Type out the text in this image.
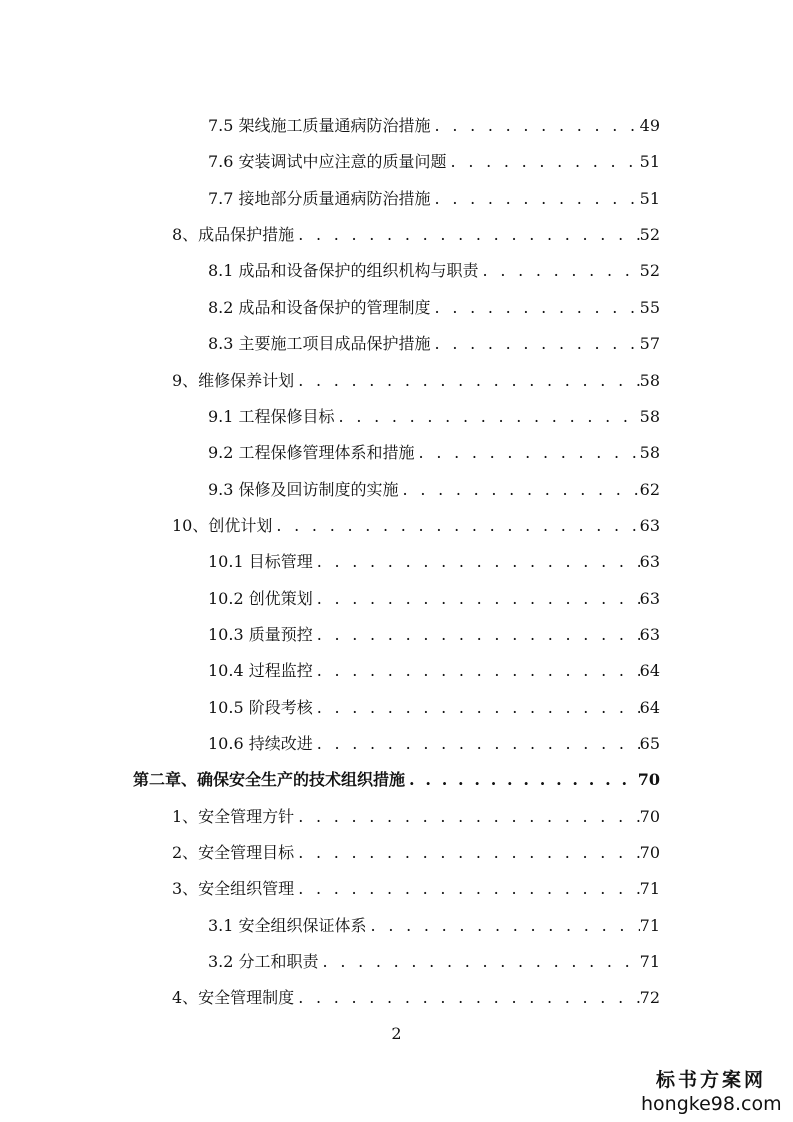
7.5 架线施工质量通病防治措施 . . .	49
7.6 安装调试中应注意的质量问题 . . .	51
7.7 接地部分质量通病防治措施 . . .	51
8、成品保护措施 . . .	52
8.1 成品和设备保护的组织机构与职责 . . .	52
8.2 成品和设备保护的管理制度 . . .	55
8.3 主要施工项目成品保护措施 . . .	57
9、维修保养计划 . . .	58
9.1 工程保修目标 . . .	58
9.2 工程保修管理体系和措施 . . .	58
9.3 保修及回访制度的实施 . . .	62
10、创优计划 . . .	63
10.1 目标管理 . . .	63
10.2 创优策划 . . .	63
10.3 质量预控 . . .	63
10.4 过程监控 . . .	64
10.5 阶段考核 . . .	64
10.6 持续改进 . . .	65
第二章、确保安全生产的技术组织措施 . . .	70
1、安全管理方针 . . .	70
2、安全管理目标 . . .	70
3、安全组织管理 . . .	71
3.1 安全组织保证体系 . . .	71
3.2 分工和职责 . . .	71
4、安全管理制度 . . .	72
2
标书方案网
hongke98.com
